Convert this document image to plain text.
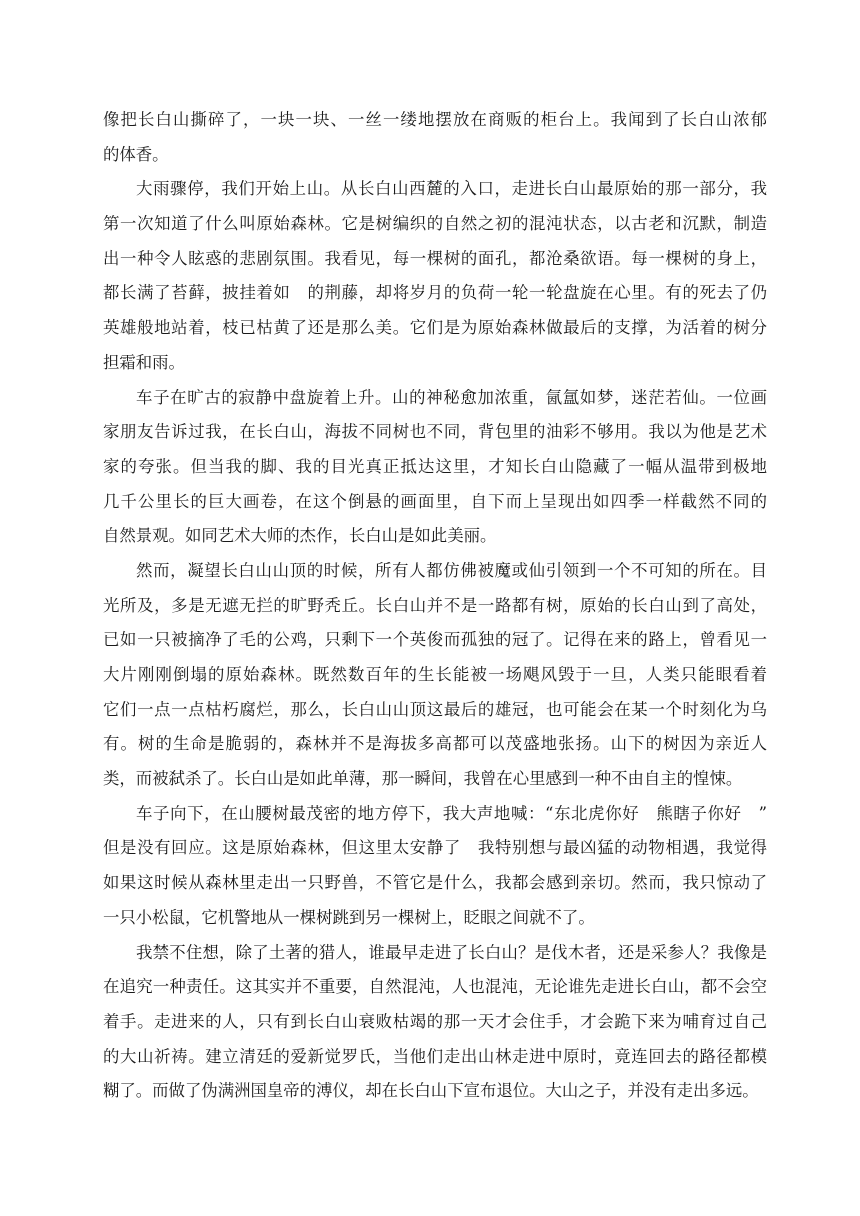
像把长白山撕碎了，一块一块、一丝一缕地摆放在商贩的柜台上。我闻到了长白山浓郁
的体香。
大雨骤停，我们开始上山。从长白山西麓的入口，走进长白山最原始的那一部分，我
第一次知道了什么叫原始森林。它是树编织的自然之初的混沌状态，以古老和沉默，制造
出一种令人眩惑的悲剧氛围。我看见，每一棵树的面孔，都沧桑欲语。每一棵树的身上，
都长满了苔藓，披挂着如　的荆藤，却将岁月的负荷一轮一轮盘旋在心里。有的死去了仍
英雄般地站着，枝已枯黄了还是那么美。它们是为原始森林做最后的支撑，为活着的树分
担霜和雨。
车子在旷古的寂静中盘旋着上升。山的神秘愈加浓重，氤氲如梦，迷茫若仙。一位画
家朋友告诉过我，在长白山，海拔不同树也不同，背包里的油彩不够用。我以为他是艺术
家的夸张。但当我的脚、我的目光真正抵达这里，才知长白山隐藏了一幅从温带到极地
几千公里长的巨大画卷，在这个倒悬的画面里，自下而上呈现出如四季一样截然不同的
自然景观。如同艺术大师的杰作，长白山是如此美丽。
然而，凝望长白山山顶的时候，所有人都仿佛被魔或仙引领到一个不可知的所在。目
光所及，多是无遮无拦的旷野秃丘。长白山并不是一路都有树，原始的长白山到了高处，
已如一只被摘净了毛的公鸡，只剩下一个英俊而孤独的冠了。记得在来的路上，曾看见一
大片刚刚倒塌的原始森林。既然数百年的生长能被一场飓风毁于一旦，人类只能眼看着
它们一点一点枯朽腐烂，那么，长白山山顶这最后的雄冠，也可能会在某一个时刻化为乌
有。树的生命是脆弱的，森林并不是海拔多高都可以茂盛地张扬。山下的树因为亲近人
类，而被弑杀了。长白山是如此单薄，那一瞬间，我曾在心里感到一种不由自主的惶悚。
车子向下，在山腰树最茂密的地方停下，我大声地喊：“东北虎你好　熊瞎子你好　”
但是没有回应。这是原始森林，但这里太安静了　我特别想与最凶猛的动物相遇，我觉得
如果这时候从森林里走出一只野兽，不管它是什么，我都会感到亲切。然而，我只惊动了
一只小松鼠，它机警地从一棵树跳到另一棵树上，眨眼之间就不了。
我禁不住想，除了土著的猎人，谁最早走进了长白山？是伐木者，还是采参人？我像是
在追究一种责任。这其实并不重要，自然混沌，人也混沌，无论谁先走进长白山，都不会空
着手。走进来的人，只有到长白山衰败枯竭的那一天才会住手，才会跪下来为哺育过自己
的大山祈祷。建立清廷的爱新觉罗氏，当他们走出山林走进中原时，竟连回去的路径都模
糊了。而做了伪满洲国皇帝的溥仪，却在长白山下宣布退位。大山之子，并没有走出多远。
